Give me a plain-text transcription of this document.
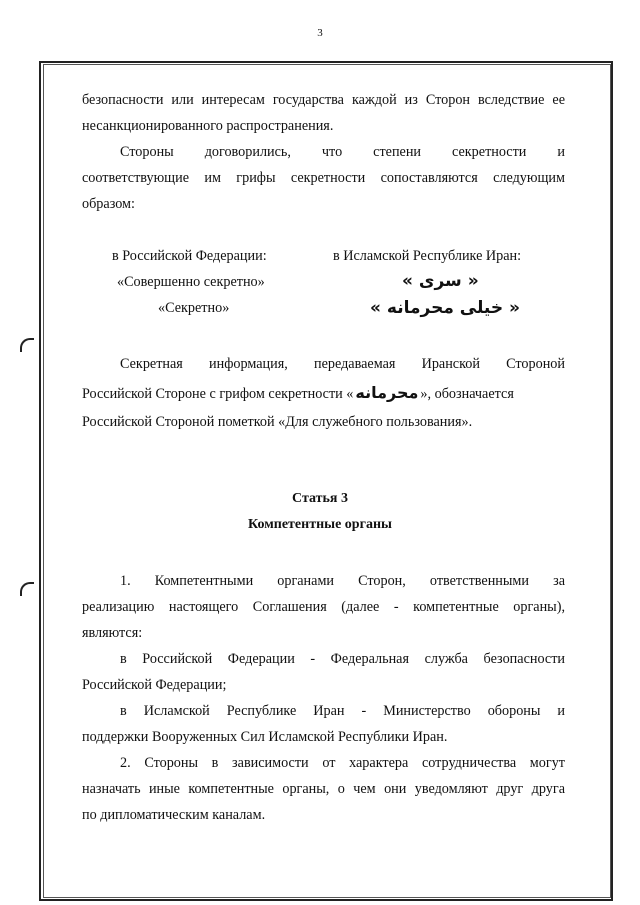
3
безопасности или интересам государства каждой из Сторон вследствие ее
несанкционированного распространения.
Стороны договорились, что степени секретности и
соответствующие им грифы секретности сопоставляются следующим
образом:
в Российской Федерации:	в Исламской Республике Иран:
«Совершенно секретно»	« سری »
«Секретно»	« خیلی محرمانه »
Секретная информация, передаваемая Иранской Стороной
Российской Стороне с грифом секретности « محرمانه », обозначается
Российской Стороной пометкой «Для служебного пользования».
Статья 3
Компетентные органы
1. Компетентными органами Сторон, ответственными за
реализацию настоящего Соглашения (далее - компетентные органы),
являются:
в Российской Федерации - Федеральная служба безопасности
Российской Федерации;
в Исламской Республике Иран - Министерство обороны и
поддержки Вооруженных Сил Исламской Республики Иран.
2. Стороны в зависимости от характера сотрудничества могут
назначать иные компетентные органы, о чем они уведомляют друг друга
по дипломатическим каналам.
